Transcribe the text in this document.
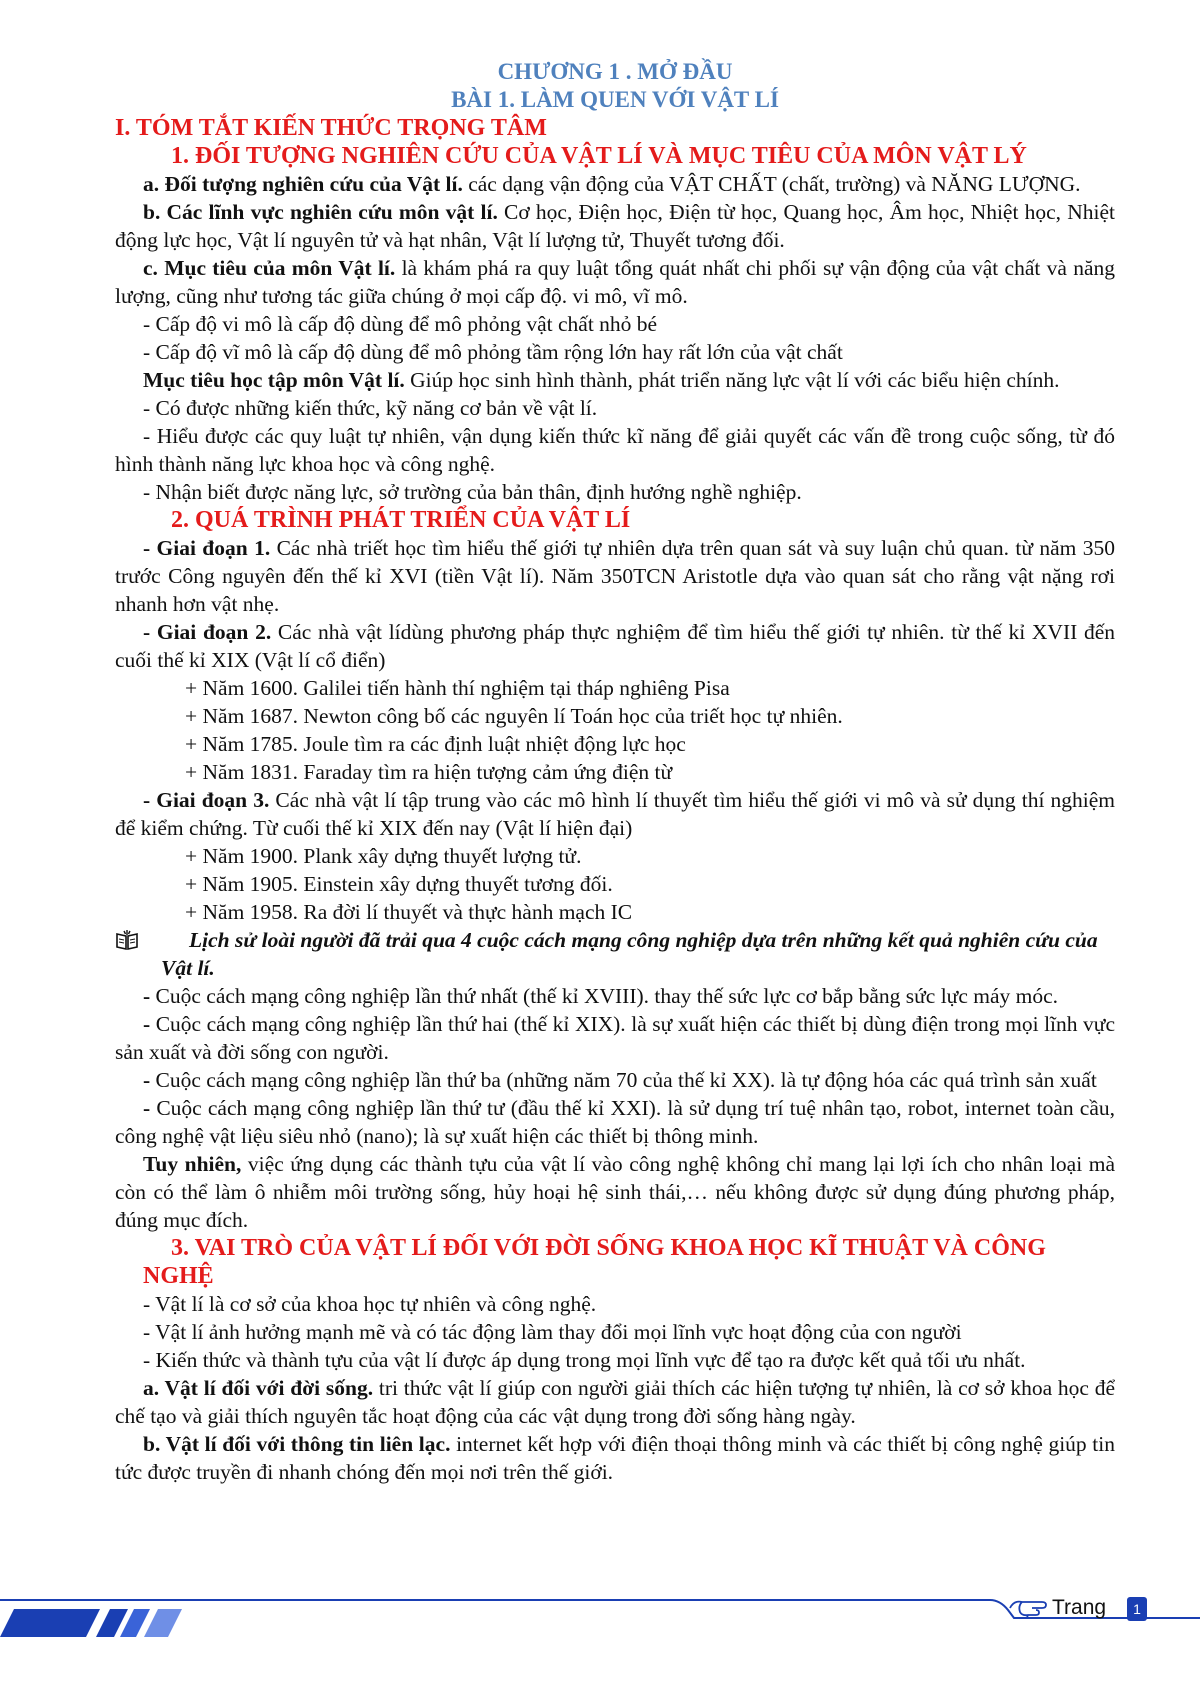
CHƯƠNG 1 . MỞ ĐẦU
BÀI 1. LÀM QUEN VỚI VẬT LÍ
I. TÓM TẮT KIẾN THỨC TRỌNG TÂM
1. ĐỐI TƯỢNG NGHIÊN CỨU CỦA VẬT LÍ VÀ MỤC TIÊU CỦA MÔN VẬT LÝ

a. Đối tượng nghiên cứu của Vật lí. các dạng vận động của VẬT CHẤT (chất, trường) và NĂNG LƯỢNG.

b. Các lĩnh vực nghiên cứu môn vật lí. Cơ học, Điện học, Điện từ học, Quang học, Âm học, Nhiệt học, Nhiệt động lực học, Vật lí nguyên tử và hạt nhân, Vật lí lượng tử, Thuyết tương đối.

c. Mục tiêu của môn Vật lí. là khám phá ra quy luật tổng quát nhất chi phối sự vận động của vật chất và năng lượng, cũng như tương tác giữa chúng ở mọi cấp độ. vi mô, vĩ mô.

- Cấp độ vi mô là cấp độ dùng để mô phỏng vật chất nhỏ bé

- Cấp độ vĩ mô là cấp độ dùng để mô phỏng tầm rộng lớn hay rất lớn của vật chất

Mục tiêu học tập môn Vật lí. Giúp học sinh hình thành, phát triển năng lực vật lí với các biểu hiện chính.

- Có được những kiến thức, kỹ năng cơ bản về vật lí.

- Hiểu được các quy luật tự nhiên, vận dụng kiến thức kĩ năng để giải quyết các vấn đề trong cuộc sống, từ đó hình thành năng lực khoa học và công nghệ.

- Nhận biết được năng lực, sở trường của bản thân, định hướng nghề nghiệp.

2. QUÁ TRÌNH PHÁT TRIỂN CỦA VẬT LÍ

- Giai đoạn 1. Các nhà triết học tìm hiểu thế giới tự nhiên dựa trên quan sát và suy luận chủ quan. từ năm 350 trước Công nguyên đến thế kỉ XVI (tiền Vật lí). Năm 350TCN Aristotle dựa vào quan sát cho rằng vật nặng rơi nhanh hơn vật nhẹ.

- Giai đoạn 2. Các nhà vật lídùng phương pháp thực nghiệm để tìm hiểu thế giới tự nhiên. từ thế kỉ XVII đến cuối thế kỉ XIX (Vật lí cổ điển)

+ Năm 1600. Galilei tiến hành thí nghiệm tại tháp nghiêng Pisa

+ Năm 1687. Newton công bố các nguyên lí Toán học của triết học tự nhiên.

+ Năm 1785. Joule tìm ra các định luật nhiệt động lực học

+ Năm 1831. Faraday tìm ra hiện tượng cảm ứng điện từ

- Giai đoạn 3. Các nhà vật lí tập trung vào các mô hình lí thuyết tìm hiểu thế giới vi mô và sử dụng thí nghiệm để kiểm chứng. Từ cuối thế kỉ XIX đến nay (Vật lí hiện đại)

+ Năm 1900. Plank xây dựng thuyết lượng tử.

+ Năm 1905. Einstein xây dựng thuyết tương đối.

+ Năm 1958. Ra đời lí thuyết và thực hành mạch IC

Lịch sử loài người đã trải qua 4 cuộc cách mạng công nghiệp dựa trên những kết quả nghiên cứu của Vật lí.

- Cuộc cách mạng công nghiệp lần thứ nhất (thế kỉ XVIII). thay thế sức lực cơ bắp bằng sức lực máy móc.

- Cuộc cách mạng công nghiệp lần thứ hai (thế kỉ XIX). là sự xuất hiện các thiết bị dùng điện trong mọi lĩnh vực sản xuất và đời sống con người.

- Cuộc cách mạng công nghiệp lần thứ ba (những năm 70 của thế kỉ XX). là tự động hóa các quá trình sản xuất

- Cuộc cách mạng công nghiệp lần thứ tư (đầu thế kỉ XXI). là sử dụng trí tuệ nhân tạo, robot, internet toàn cầu, công nghệ vật liệu siêu nhỏ (nano); là sự xuất hiện các thiết bị thông minh.

Tuy nhiên, việc ứng dụng các thành tựu của vật lí vào công nghệ không chỉ mang lại lợi ích cho nhân loại mà còn có thể làm ô nhiễm môi trường sống, hủy hoại hệ sinh thái,… nếu không được sử dụng đúng phương pháp, đúng mục đích.

3. VAI TRÒ CỦA VẬT LÍ ĐỐI VỚI ĐỜI SỐNG KHOA HỌC KĨ THUẬT VÀ CÔNG NGHỆ

- Vật lí là cơ sở của khoa học tự nhiên và công nghệ.

- Vật lí ảnh hưởng mạnh mẽ và có tác động làm thay đổi mọi lĩnh vực hoạt động của con người

- Kiến thức và thành tựu của vật lí được áp dụng trong mọi lĩnh vực để tạo ra được kết quả tối ưu nhất.

a. Vật lí đối với đời sống. tri thức vật lí giúp con người giải thích các hiện tượng tự nhiên, là cơ sở khoa học để chế tạo và giải thích nguyên tắc hoạt động của các vật dụng trong đời sống hàng ngày.

b. Vật lí đối với thông tin liên lạc. internet kết hợp với điện thoại thông minh và các thiết bị công nghệ giúp tin tức được truyền đi nhanh chóng đến mọi nơi trên thế giới.

Trang	1
